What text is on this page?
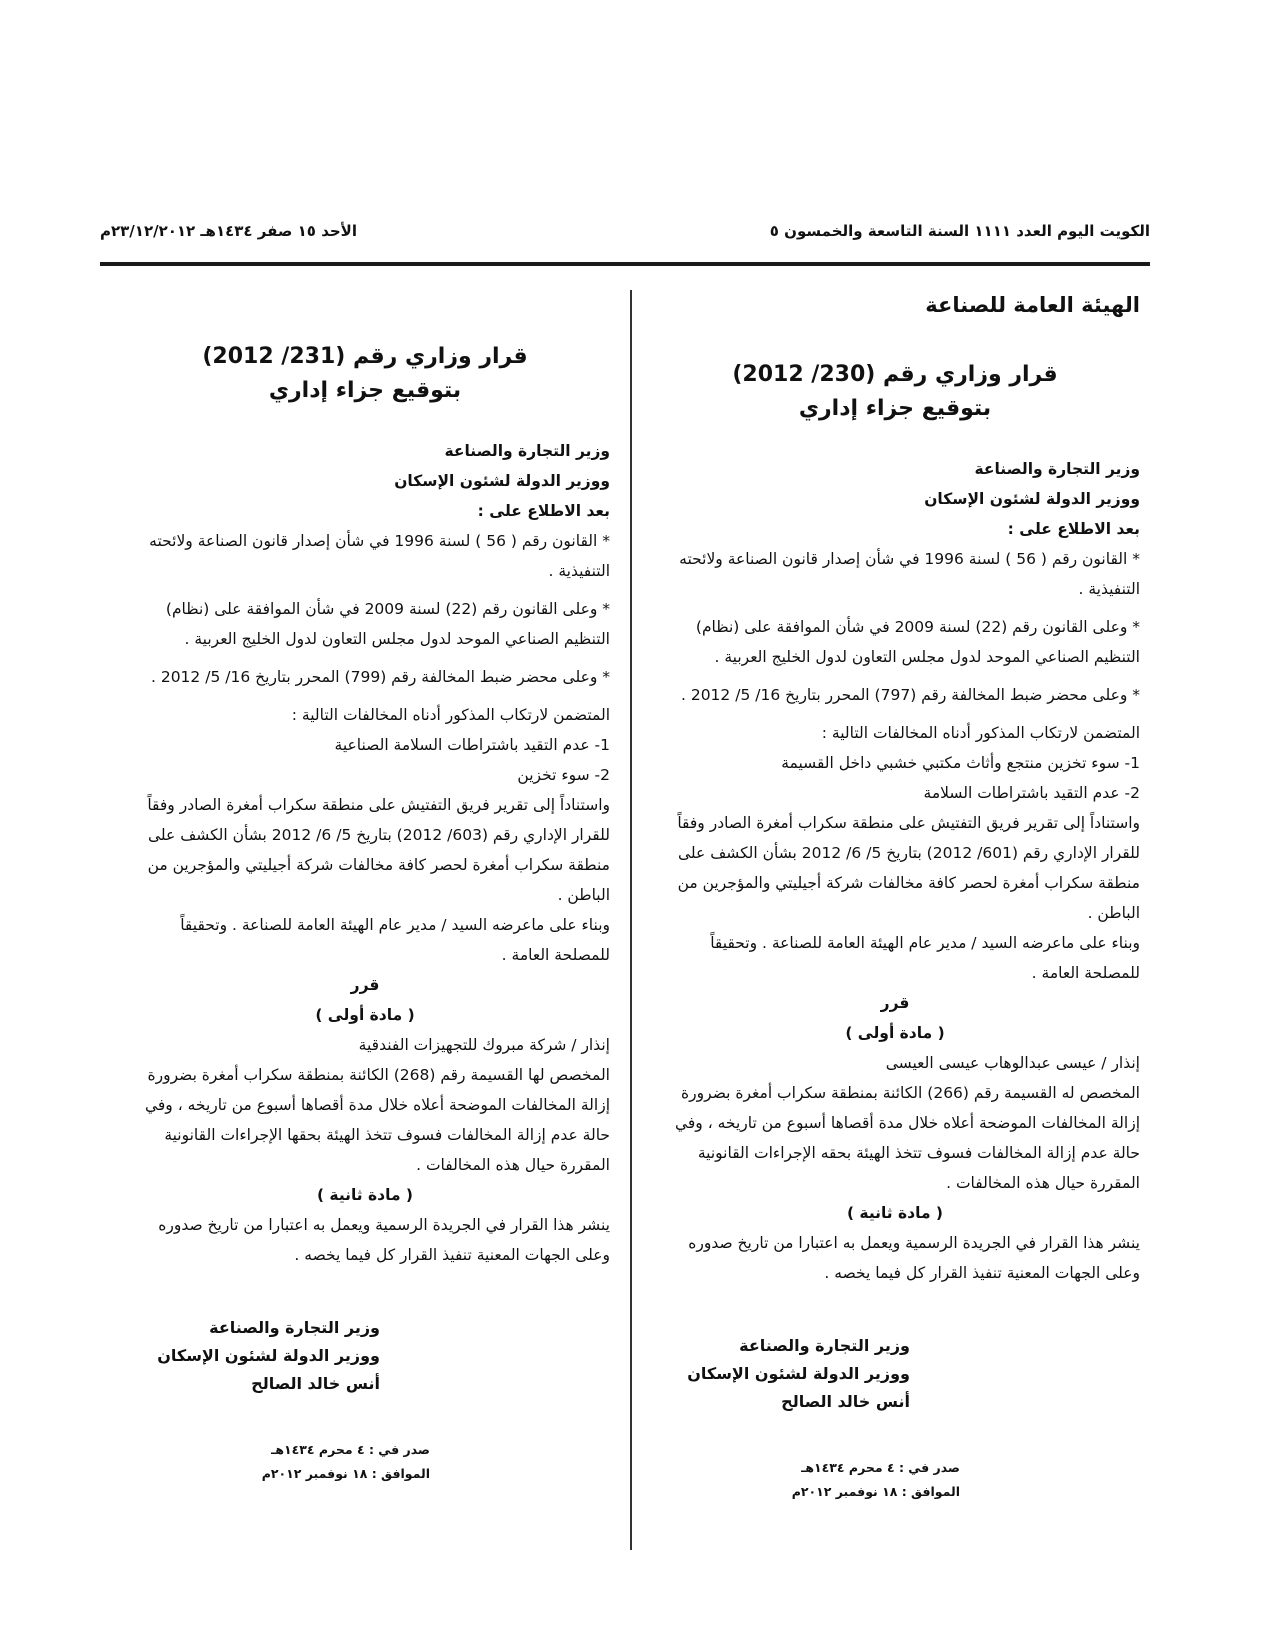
الكويت اليوم العدد ١١١١ السنة التاسعة والخمسون ٥
الأحد ١٥ صفر ١٤٣٤هـ ٢٣/١٢/٢٠١٢م

الهيئة العامة للصناعة

قرار وزاري رقم (230/ 2012)
بتوقيع جزاء إداري

وزير التجارة والصناعة

ووزير الدولة لشئون الإسكان

بعد الاطلاع على :

* القانون رقم ( 56 ) لسنة 1996 في شأن إصدار قانون الصناعة ولائحته التنفيذية .

* وعلى القانون رقم (22) لسنة 2009 في شأن الموافقة على (نظام) التنظيم الصناعي الموحد لدول مجلس التعاون لدول الخليج العربية .

* وعلى محضر ضبط المخالفة رقم (797) المحرر بتاريخ 16/ 5/ 2012 .

المتضمن لارتكاب المذكور أدناه المخالفات التالية :

1- سوء تخزين منتجع وأثاث مكتبي خشبي داخل القسيمة

2- عدم التقيد باشتراطات السلامة

واستناداً إلى تقرير فريق التفتيش على منطقة سكراب أمغرة الصادر وفقاً للقرار الإداري رقم (601/ 2012) بتاريخ 5/ 6/ 2012 بشأن الكشف على منطقة سكراب أمغرة لحصر كافة مخالفات شركة أجيليتي والمؤجرين من الباطن .

وبناء على ماعرضه السيد / مدير عام الهيئة العامة للصناعة . وتحقيقاً للمصلحة العامة .

قرر

( مادة أولى )

إنذار / عيسى عبدالوهاب عيسى العيسى

المخصص له القسيمة رقم (266) الكائنة بمنطقة سكراب أمغرة بضرورة إزالة المخالفات الموضحة أعلاه خلال مدة أقصاها أسبوع من تاريخه ، وفي حالة عدم إزالة المخالفات فسوف تتخذ الهيئة بحقه الإجراءات القانونية المقررة حيال هذه المخالفات .

( مادة ثانية )

ينشر هذا القرار في الجريدة الرسمية ويعمل به اعتبارا من تاريخ صدوره وعلى الجهات المعنية تنفيذ القرار كل فيما يخصه .

وزير التجارة والصناعة
ووزير الدولة لشئون الإسكان
أنس خالد الصالح
صدر في : ٤ محرم ١٤٣٤هـ
الموافق : ١٨ نوفمبر ٢٠١٢م
قرار وزاري رقم (231/ 2012)
بتوقيع جزاء إداري

وزير التجارة والصناعة

ووزير الدولة لشئون الإسكان

بعد الاطلاع على :

* القانون رقم ( 56 ) لسنة 1996 في شأن إصدار قانون الصناعة ولائحته التنفيذية .

* وعلى القانون رقم (22) لسنة 2009 في شأن الموافقة على (نظام) التنظيم الصناعي الموحد لدول مجلس التعاون لدول الخليج العربية .

* وعلى محضر ضبط المخالفة رقم (799) المحرر بتاريخ 16/ 5/ 2012 .

المتضمن لارتكاب المذكور أدناه المخالفات التالية :

1- عدم التقيد باشتراطات السلامة الصناعية

2- سوء تخزين

واستناداً إلى تقرير فريق التفتيش على منطقة سكراب أمغرة الصادر وفقاً للقرار الإداري رقم (603/ 2012) بتاريخ 5/ 6/ 2012 بشأن الكشف على منطقة سكراب أمغرة لحصر كافة مخالفات شركة أجيليتي والمؤجرين من الباطن .

وبناء على ماعرضه السيد / مدير عام الهيئة العامة للصناعة . وتحقيقاً للمصلحة العامة .

قرر

( مادة أولى )

إنذار / شركة مبروك للتجهيزات الفندقية

المخصص لها القسيمة رقم (268) الكائنة بمنطقة سكراب أمغرة بضرورة إزالة المخالفات الموضحة أعلاه خلال مدة أقصاها أسبوع من تاريخه ، وفي حالة عدم إزالة المخالفات فسوف تتخذ الهيئة بحقها الإجراءات القانونية المقررة حيال هذه المخالفات .

( مادة ثانية )

ينشر هذا القرار في الجريدة الرسمية ويعمل به اعتبارا من تاريخ صدوره وعلى الجهات المعنية تنفيذ القرار كل فيما يخصه .

وزير التجارة والصناعة
ووزير الدولة لشئون الإسكان
أنس خالد الصالح
صدر في : ٤ محرم ١٤٣٤هـ
الموافق : ١٨ نوفمبر ٢٠١٢م
